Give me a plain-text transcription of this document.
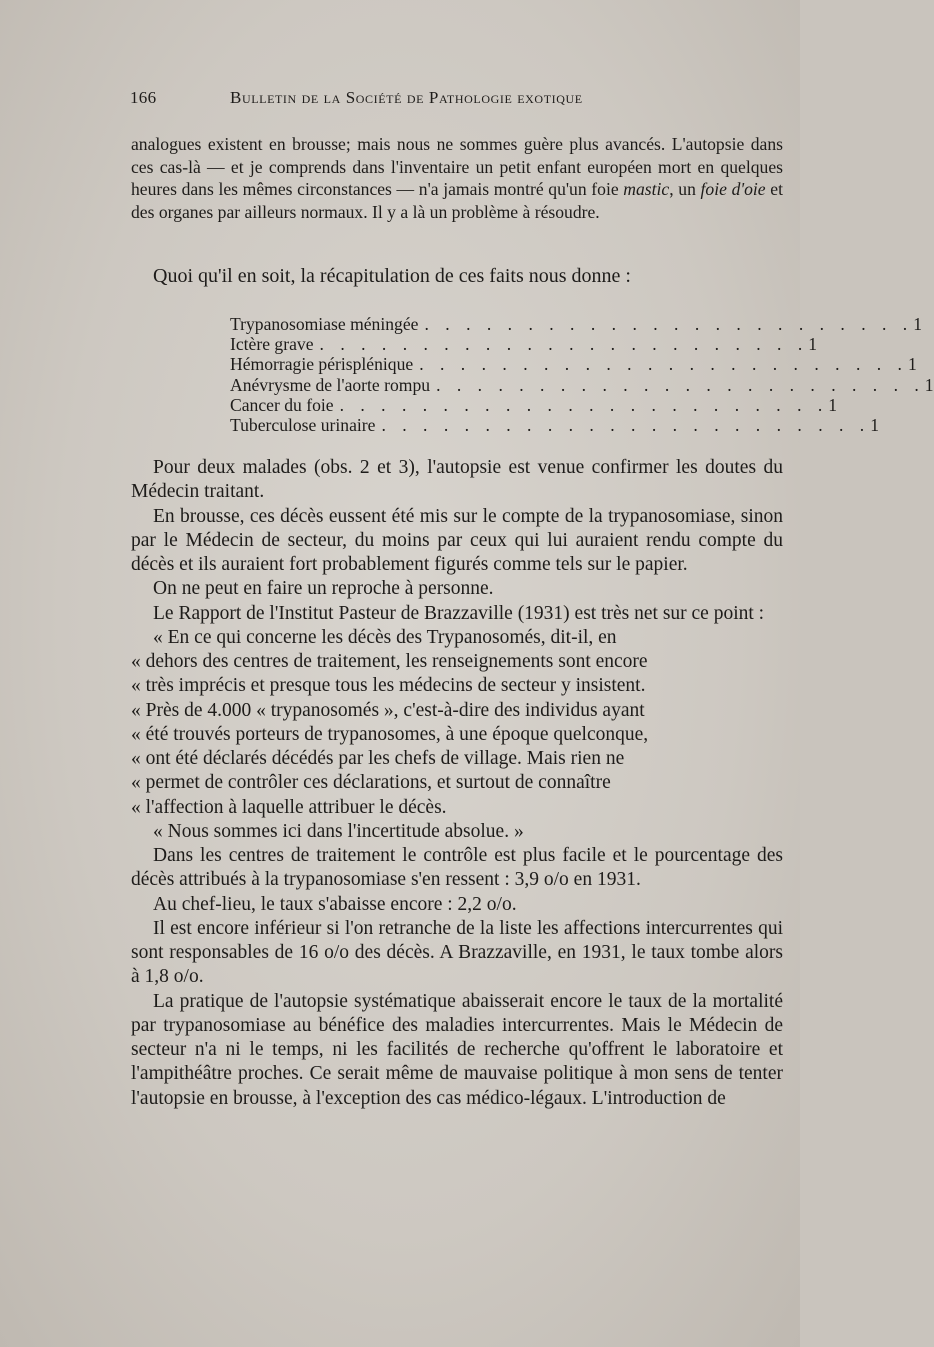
166	Bulletin de la Société de Pathologie exotique

analogues existent en brousse; mais nous ne sommes guère plus avancés. L'autopsie dans ces cas-là — et je comprends dans l'inventaire un petit enfant européen mort en quelques heures dans les mêmes circonstances — n'a jamais montré qu'un foie mastic, un foie d'oie et des organes par ailleurs normaux. Il y a là un problème à résoudre.

Quoi qu'il en soit, la récapitulation de ces faits nous donne :

Trypanosomiase méningée . . . . . . . . . . . . . . . . . . . . . . . . 1
Ictère grave . . . . . . . . . . . . . . . . . . . . . . . . 1
Hémorragie périsplénique . . . . . . . . . . . . . . . . . . . . . . . . 1
Anévrysme de l'aorte rompu . . . . . . . . . . . . . . . . . . . . . . . . 1
Cancer du foie . . . . . . . . . . . . . . . . . . . . . . . . 1
Tuberculose urinaire . . . . . . . . . . . . . . . . . . . . . . . . 1

Pour deux malades (obs. 2 et 3), l'autopsie est venue confirmer les doutes du Médecin traitant.

En brousse, ces décès eussent été mis sur le compte de la trypanosomiase, sinon par le Médecin de secteur, du moins par ceux qui lui auraient rendu compte du décès et ils auraient fort probablement figurés comme tels sur le papier.

On ne peut en faire un reproche à personne.

Le Rapport de l'Institut Pasteur de Brazzaville (1931) est très net sur ce point :

« En ce qui concerne les décès des Trypanosomés, dit-il, en

« dehors des centres de traitement, les renseignements sont encore

« très imprécis et presque tous les médecins de secteur y insistent.

« Près de 4.000 « trypanosomés », c'est-à-dire des individus ayant

« été trouvés porteurs de trypanosomes, à une époque quelconque,

« ont été déclarés décédés par les chefs de village. Mais rien ne

« permet de contrôler ces déclarations, et surtout de connaître

« l'affection à laquelle attribuer le décès.

« Nous sommes ici dans l'incertitude absolue. »

Dans les centres de traitement le contrôle est plus facile et le pourcentage des décès attribués à la trypanosomiase s'en ressent : 3,9 o/o en 1931.

Au chef-lieu, le taux s'abaisse encore : 2,2 o/o.

Il est encore inférieur si l'on retranche de la liste les affections intercurrentes qui sont responsables de 16 o/o des décès. A Brazzaville, en 1931, le taux tombe alors à 1,8 o/o.

La pratique de l'autopsie systématique abaisserait encore le taux de la mortalité par trypanosomiase au bénéfice des maladies intercurrentes. Mais le Médecin de secteur n'a ni le temps, ni les facilités de recherche qu'offrent le laboratoire et l'ampithéâtre proches. Ce serait même de mauvaise politique à mon sens de tenter l'autopsie en brousse, à l'exception des cas médico-légaux. L'introduction de
